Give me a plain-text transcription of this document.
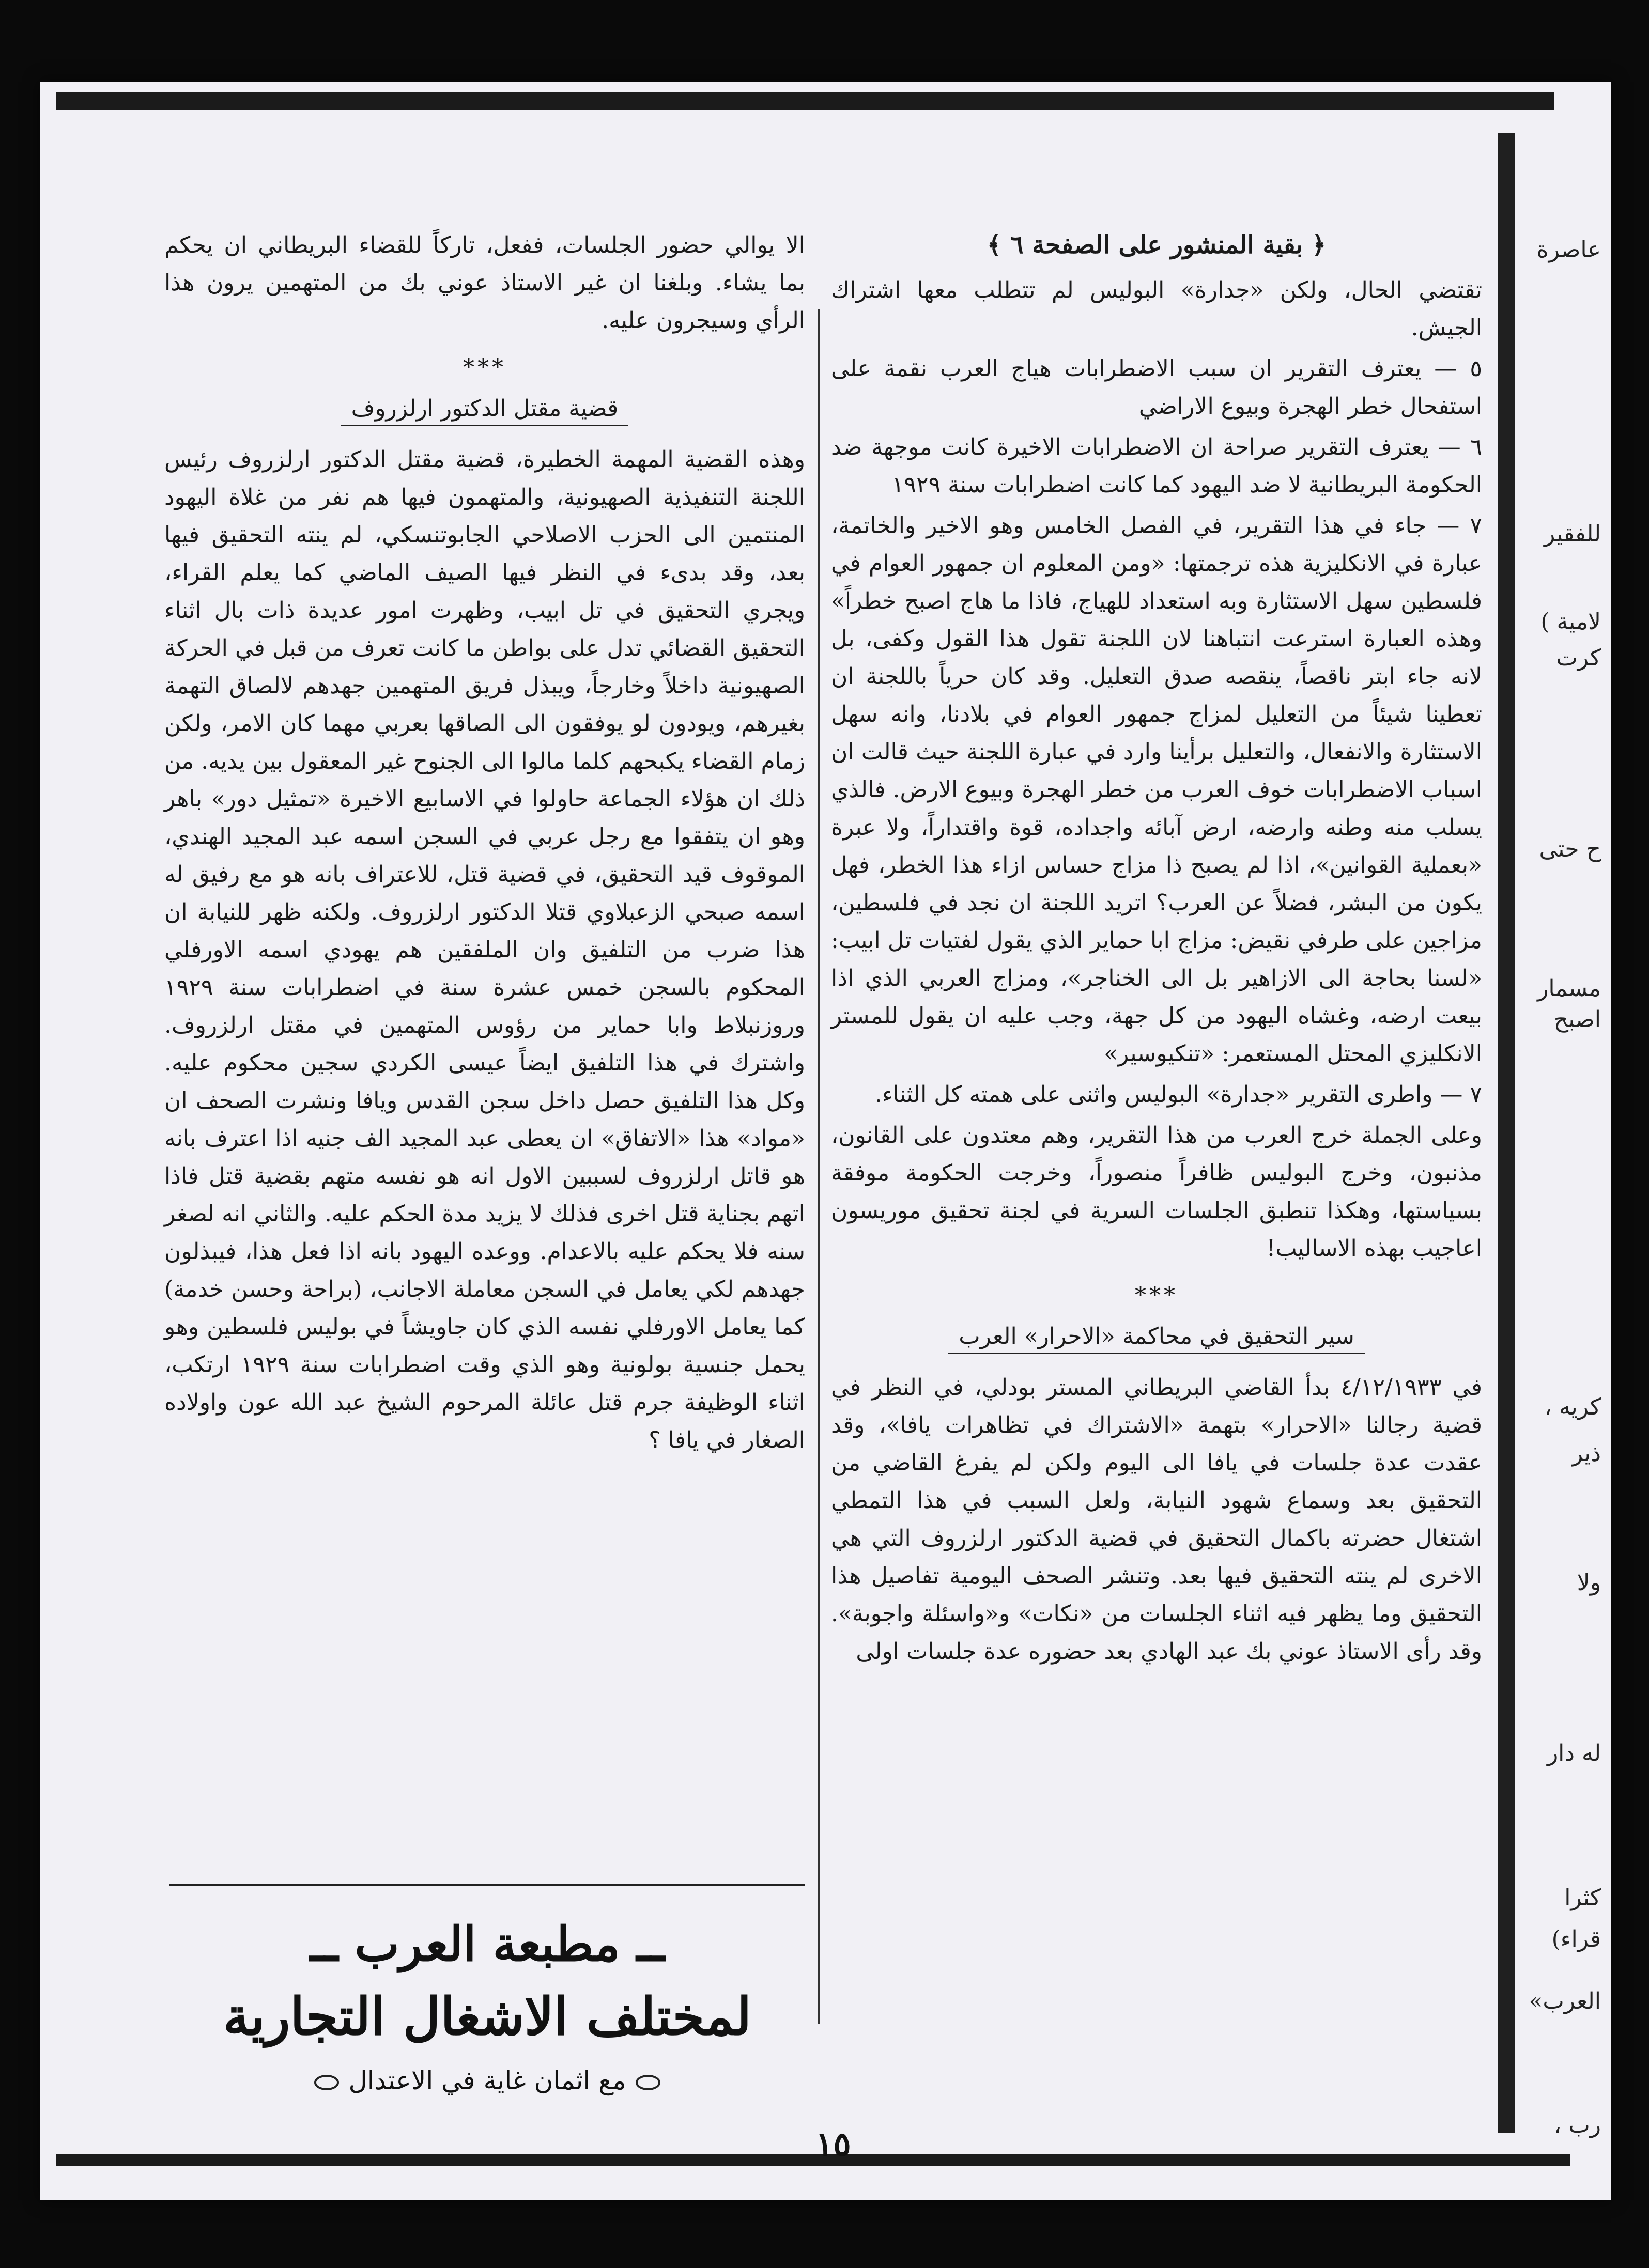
عاصرة
للفقير
لامية )
كرت
ح حتى
مسمار
اصبح
كريه ،
ذير
ولا
له دار
كثرا
قراء)
العرب»
رب ،
﴿ بقية المنشور على الصفحة ٦ ﴾

تقتضي الحال، ولكن «جدارة» البوليس لم تتطلب معها اشتراك الجيش.

٥ — يعترف التقرير ان سبب الاضطرابات هياج العرب نقمة على استفحال خطر الهجرة وبيوع الاراضي

٦ — يعترف التقرير صراحة ان الاضطرابات الاخيرة كانت موجهة ضد الحكومة البريطانية لا ضد اليهود كما كانت اضطرابات سنة ١٩٢٩

٧ — جاء في هذا التقرير، في الفصل الخامس وهو الاخير والخاتمة، عبارة في الانكليزية هذه ترجمتها: «ومن المعلوم ان جمهور العوام في فلسطين سهل الاستثارة وبه استعداد للهياج، فاذا ما هاج اصبح خطراً» وهذه العبارة استرعت انتباهنا لان اللجنة تقول هذا القول وكفى، بل لانه جاء ابتر ناقصاً، ينقصه صدق التعليل. وقد كان حرياً باللجنة ان تعطينا شيئاً من التعليل لمزاج جمهور العوام في بلادنا، وانه سهل الاستثارة والانفعال، والتعليل برأينا وارد في عبارة اللجنة حيث قالت ان اسباب الاضطرابات خوف العرب من خطر الهجرة وبيوع الارض. فالذي يسلب منه وطنه وارضه، ارض آبائه واجداده، قوة واقتداراً، ولا عبرة «بعملية القوانين»، اذا لم يصبح ذا مزاج حساس ازاء هذا الخطر، فهل يكون من البشر، فضلاً عن العرب؟ اتريد اللجنة ان نجد في فلسطين، مزاجين على طرفي نقيض: مزاج ابا حماير الذي يقول لفتيات تل ابيب: «لسنا بحاجة الى الازاهير بل الى الخناجر»، ومزاج العربي الذي اذا بيعت ارضه، وغشاه اليهود من كل جهة، وجب عليه ان يقول للمستر الانكليزي المحتل المستعمر: «تنكيوسير»

٧ — واطرى التقرير «جدارة» البوليس واثنى على همته كل الثناء.

وعلى الجملة خرج العرب من هذا التقرير، وهم معتدون على القانون، مذنبون، وخرج البوليس ظافراً منصوراً، وخرجت الحكومة موفقة بسياستها، وهكذا تنطبق الجلسات السرية في لجنة تحقيق موريسون اعاجيب بهذه الاساليب!

***
سير التحقيق في محاكمة «الاحرار» العرب

في ٤/١٢/١٩٣٣ بدأ القاضي البريطاني المستر بودلي، في النظر في قضية رجالنا «الاحرار» بتهمة «الاشتراك في تظاهرات يافا»، وقد عقدت عدة جلسات في يافا الى اليوم ولكن لم يفرغ القاضي من التحقيق بعد وسماع شهود النيابة، ولعل السبب في هذا التمطي اشتغال حضرته باكمال التحقيق في قضية الدكتور ارلزروف التي هي الاخرى لم ينته التحقيق فيها بعد. وتنشر الصحف اليومية تفاصيل هذا التحقيق وما يظهر فيه اثناء الجلسات من «نكات» و«واسئلة واجوبة». وقد رأى الاستاذ عوني بك عبد الهادي بعد حضوره عدة جلسات اولى

الا يوالي حضور الجلسات، ففعل، تاركاً للقضاء البريطاني ان يحكم بما يشاء. وبلغنا ان غير الاستاذ عوني بك من المتهمين يرون هذا الرأي وسيجرون عليه.

***
قضية مقتل الدكتور ارلزروف

وهذه القضية المهمة الخطيرة، قضية مقتل الدكتور ارلزروف رئيس اللجنة التنفيذية الصهيونية، والمتهمون فيها هم نفر من غلاة اليهود المنتمين الى الحزب الاصلاحي الجابوتنسكي، لم ينته التحقيق فيها بعد، وقد بدىء في النظر فيها الصيف الماضي كما يعلم القراء، ويجري التحقيق في تل ابيب، وظهرت امور عديدة ذات بال اثناء التحقيق القضائي تدل على بواطن ما كانت تعرف من قبل في الحركة الصهيونية داخلاً وخارجاً، ويبذل فريق المتهمين جهدهم لالصاق التهمة بغيرهم، ويودون لو يوفقون الى الصاقها بعربي مهما كان الامر، ولكن زمام القضاء يكبحهم كلما مالوا الى الجنوح غير المعقول بين يديه. من ذلك ان هؤلاء الجماعة حاولوا في الاسابيع الاخيرة «تمثيل دور» باهر وهو ان يتفقوا مع رجل عربي في السجن اسمه عبد المجيد الهندي، الموقوف قيد التحقيق، في قضية قتل، للاعتراف بانه هو مع رفيق له اسمه صبحي الزعبلاوي قتلا الدكتور ارلزروف. ولكنه ظهر للنيابة ان هذا ضرب من التلفيق وان الملفقين هم يهودي اسمه الاورفلي المحكوم بالسجن خمس عشرة سنة في اضطرابات سنة ١٩٢٩ وروزنبلاط وابا حماير من رؤوس المتهمين في مقتل ارلزروف. واشترك في هذا التلفيق ايضاً عيسى الكردي سجين محكوم عليه. وكل هذا التلفيق حصل داخل سجن القدس ويافا ونشرت الصحف ان «مواد» هذا «الاتفاق» ان يعطى عبد المجيد الف جنيه اذا اعترف بانه هو قاتل ارلزروف لسببين الاول انه هو نفسه متهم بقضية قتل فاذا اتهم بجناية قتل اخرى فذلك لا يزيد مدة الحكم عليه. والثاني انه لصغر سنه فلا يحكم عليه بالاعدام. ووعده اليهود بانه اذا فعل هذا، فيبذلون جهدهم لكي يعامل في السجن معاملة الاجانب، (براحة وحسن خدمة) كما يعامل الاورفلي نفسه الذي كان جاويشاً في بوليس فلسطين وهو يحمل جنسية بولونية وهو الذي وقت اضطرابات سنة ١٩٢٩ ارتكب، اثناء الوظيفة جرم قتل عائلة المرحوم الشيخ عبد الله عون واولاده الصغار في يافا ؟

ــ مطبعة العرب ــ
لمختلف الاشغال التجارية
مع اثمان غاية في الاعتدال
١٥
